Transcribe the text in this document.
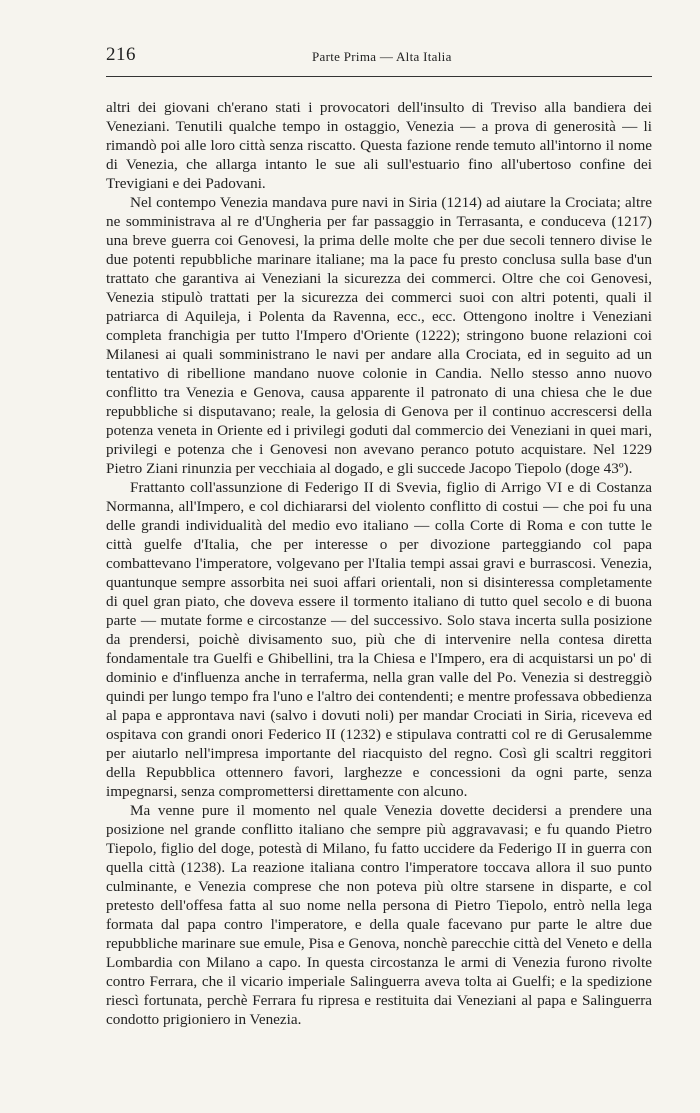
216	Parte Prima — Alta Italia

altri dei giovani ch'erano stati i provocatori dell'insulto di Treviso alla bandiera dei Veneziani. Tenutili qualche tempo in ostaggio, Venezia — a prova di generosità — li rimandò poi alle loro città senza riscatto. Questa fazione rende temuto all'intorno il nome di Venezia, che allarga intanto le sue ali sull'estuario fino all'ubertoso confine dei Trevigiani e dei Padovani.

Nel contempo Venezia mandava pure navi in Siria (1214) ad aiutare la Crociata; altre ne somministrava al re d'Ungheria per far passaggio in Terrasanta, e conduceva (1217) una breve guerra coi Genovesi, la prima delle molte che per due secoli tennero divise le due potenti repubbliche marinare italiane; ma la pace fu presto conclusa sulla base d'un trattato che garantiva ai Veneziani la sicurezza dei commerci. Oltre che coi Genovesi, Venezia stipulò trattati per la sicurezza dei commerci suoi con altri potenti, quali il patriarca di Aquileja, i Polenta da Ravenna, ecc., ecc. Ottengono inoltre i Veneziani completa franchigia per tutto l'Impero d'Oriente (1222); stringono buone relazioni coi Milanesi ai quali somministrano le navi per andare alla Crociata, ed in seguito ad un tentativo di ribellione mandano nuove colonie in Candia. Nello stesso anno nuovo conflitto tra Venezia e Genova, causa apparente il patronato di una chiesa che le due repubbliche si disputavano; reale, la gelosia di Genova per il continuo accrescersi della potenza veneta in Oriente ed i privilegi goduti dal commercio dei Veneziani in quei mari, privilegi e potenza che i Genovesi non avevano peranco potuto acquistare. Nel 1229 Pietro Ziani rinunzia per vecchiaia al dogado, e gli succede Jacopo Tiepolo (doge 43º).

Frattanto coll'assunzione di Federigo II di Svevia, figlio di Arrigo VI e di Costanza Normanna, all'Impero, e col dichiararsi del violento conflitto di costui — che poi fu una delle grandi individualità del medio evo italiano — colla Corte di Roma e con tutte le città guelfe d'Italia, che per interesse o per divozione parteggiando col papa combattevano l'imperatore, volgevano per l'Italia tempi assai gravi e burrascosi. Venezia, quantunque sempre assorbita nei suoi affari orientali, non si disinteressa completamente di quel gran piato, che doveva essere il tormento italiano di tutto quel secolo e di buona parte — mutate forme e circostanze — del successivo. Solo stava incerta sulla posizione da prendersi, poichè divisamento suo, più che di intervenire nella contesa diretta fondamentale tra Guelfi e Ghibellini, tra la Chiesa e l'Impero, era di acquistarsi un po' di dominio e d'influenza anche in terraferma, nella gran valle del Po. Venezia si destreggiò quindi per lungo tempo fra l'uno e l'altro dei contendenti; e mentre professava obbedienza al papa e approntava navi (salvo i dovuti noli) per mandar Crociati in Siria, riceveva ed ospitava con grandi onori Federico II (1232) e stipulava contratti col re di Gerusalemme per aiutarlo nell'impresa importante del riacquisto del regno. Così gli scaltri reggitori della Repubblica ottennero favori, larghezze e concessioni da ogni parte, senza impegnarsi, senza compromettersi direttamente con alcuno.

Ma venne pure il momento nel quale Venezia dovette decidersi a prendere una posizione nel grande conflitto italiano che sempre più aggravavasi; e fu quando Pietro Tiepolo, figlio del doge, potestà di Milano, fu fatto uccidere da Federigo II in guerra con quella città (1238). La reazione italiana contro l'imperatore toccava allora il suo punto culminante, e Venezia comprese che non poteva più oltre starsene in disparte, e col pretesto dell'offesa fatta al suo nome nella persona di Pietro Tiepolo, entrò nella lega formata dal papa contro l'imperatore, e della quale facevano pur parte le altre due repubbliche marinare sue emule, Pisa e Genova, nonchè parecchie città del Veneto e della Lombardia con Milano a capo. In questa circostanza le armi di Venezia furono rivolte contro Ferrara, che il vicario imperiale Salinguerra aveva tolta ai Guelfi; e la spedizione riescì fortunata, perchè Ferrara fu ripresa e restituita dai Veneziani al papa e Salinguerra condotto prigioniero in Venezia.
